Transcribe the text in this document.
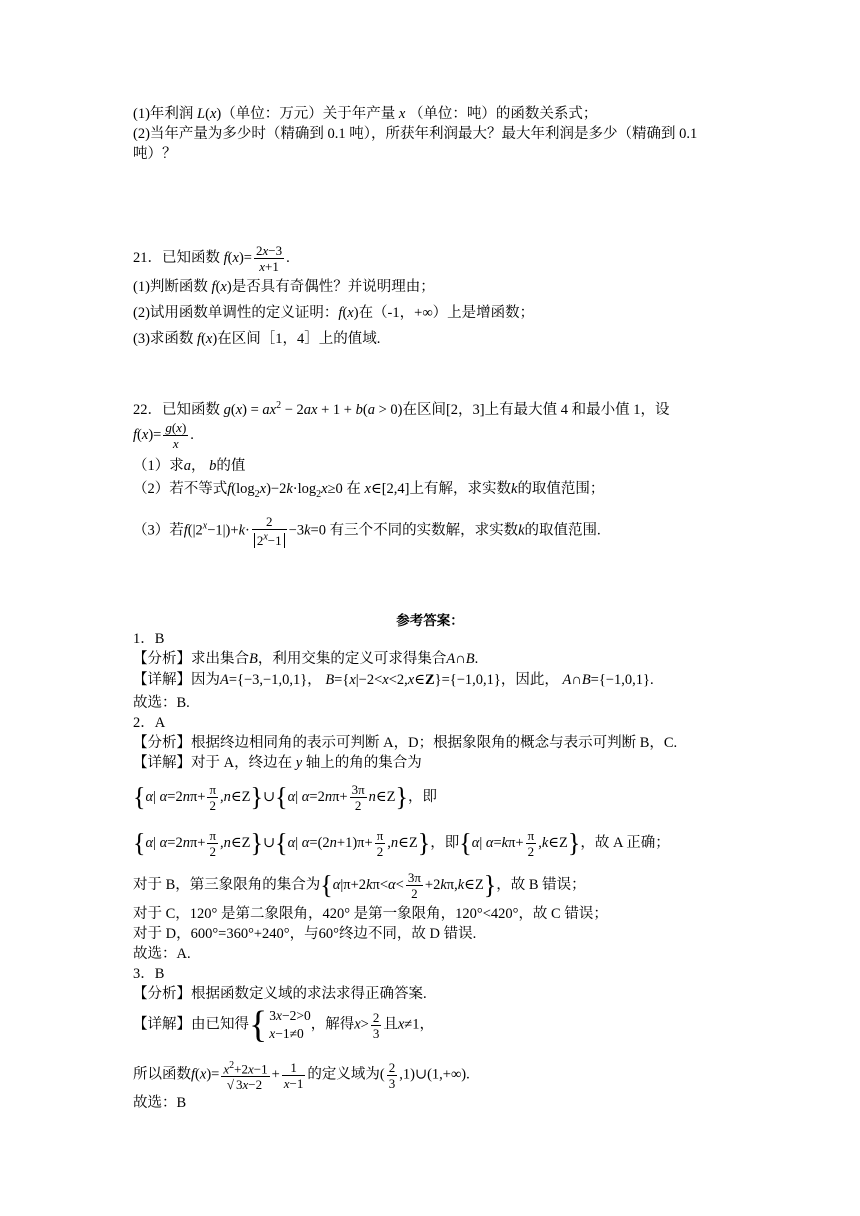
(1)年利润 L(x)（单位：万元）关于年产量 x （单位：吨）的函数关系式；
(2)当年产量为多少时（精确到 0.1 吨），所获年利润最大？最大年利润是多少（精确到 0.1
吨）？
21．已知函数 $f(x)= \frac{2x-3}{x+1}$ .
(1)判断函数 f(x)是否具有奇偶性？并说明理由；
(2)试用函数单调性的定义证明：f(x)在（-1，+∞）上是增函数；
(3)求函数 f(x)在区间［1，4］上的值域.
22．已知函数 $g(x) = ax^2 - 2ax + 1 + b(a > 0)$在区间[2，3]上有最大值 4 和最小值 1，设
$f(x)= \frac{g(x)}{x}$ .
（1）求a， b的值
（2）若不等式$f(\log_2x)-2k\cdot\log_2x\ge 0$ 在 x∈[2,4]上有解，求实数k的取值范围；
（3）若$f(|2^x-1|)+k\cdot \frac{2}{2^x-1} -3k=0$ 有三个不同的实数解，求实数k的取值范围.
参考答案：
1．B
【分析】求出集合B，利用交集的定义可求得集合A∩B.
【详解】因为A={−3,−1,0,1}， B={x|−2<x<2,x∈Z}={−1,0,1}，因此， A∩B={−1,0,1}.
故选：B.
2．A
【分析】根据终边相同角的表示可判断 A，D；根据象限角的概念与表示可判断 B，C.
【详解】对于 A，终边在 y 轴上的角的集合为
{α| $\alpha=2n\pi+ \frac{\pi}{2}$ ,n∈Z}∪{α| $\alpha=2n\pi+ \frac{3\pi}{2}$ n∈Z}，即
{α| $\alpha=2n\pi+ \frac{\pi}{2}$ ,n∈Z}∪{α| $\alpha=(2n+1)\pi+ \frac{\pi}{2}$ ,n∈Z}，即{α| $\alpha=k\pi+ \frac{\pi}{2}$ ,k∈Z}，故 A 正确；
对于 B，第三象限角的集合为{$\alpha|\pi+2k\pi<\alpha< \frac{3\pi}{2}$ +2kπ,k∈Z}，故 B 错误；
对于 C，120° 是第二象限角，420° 是第一象限角，120°<420°，故 C 错误；
对于 D，600°=360°+240°，与60°终边不同，故 D 错误.
故选：A.
3．B
【分析】根据函数定义域的求法求得正确答案.
【详解】由已知得 { 3x−2>0
x−1≠0
，解得$x> \frac{2}{3}$ 且x≠1，
所以函数$f(x)= \frac{x^2+2x-1}{√ 3x-2} + \frac{1}{x-1}$ 的定义域为( $\frac{2}{3}$ ,1)∪(1,+∞).
故选：B
